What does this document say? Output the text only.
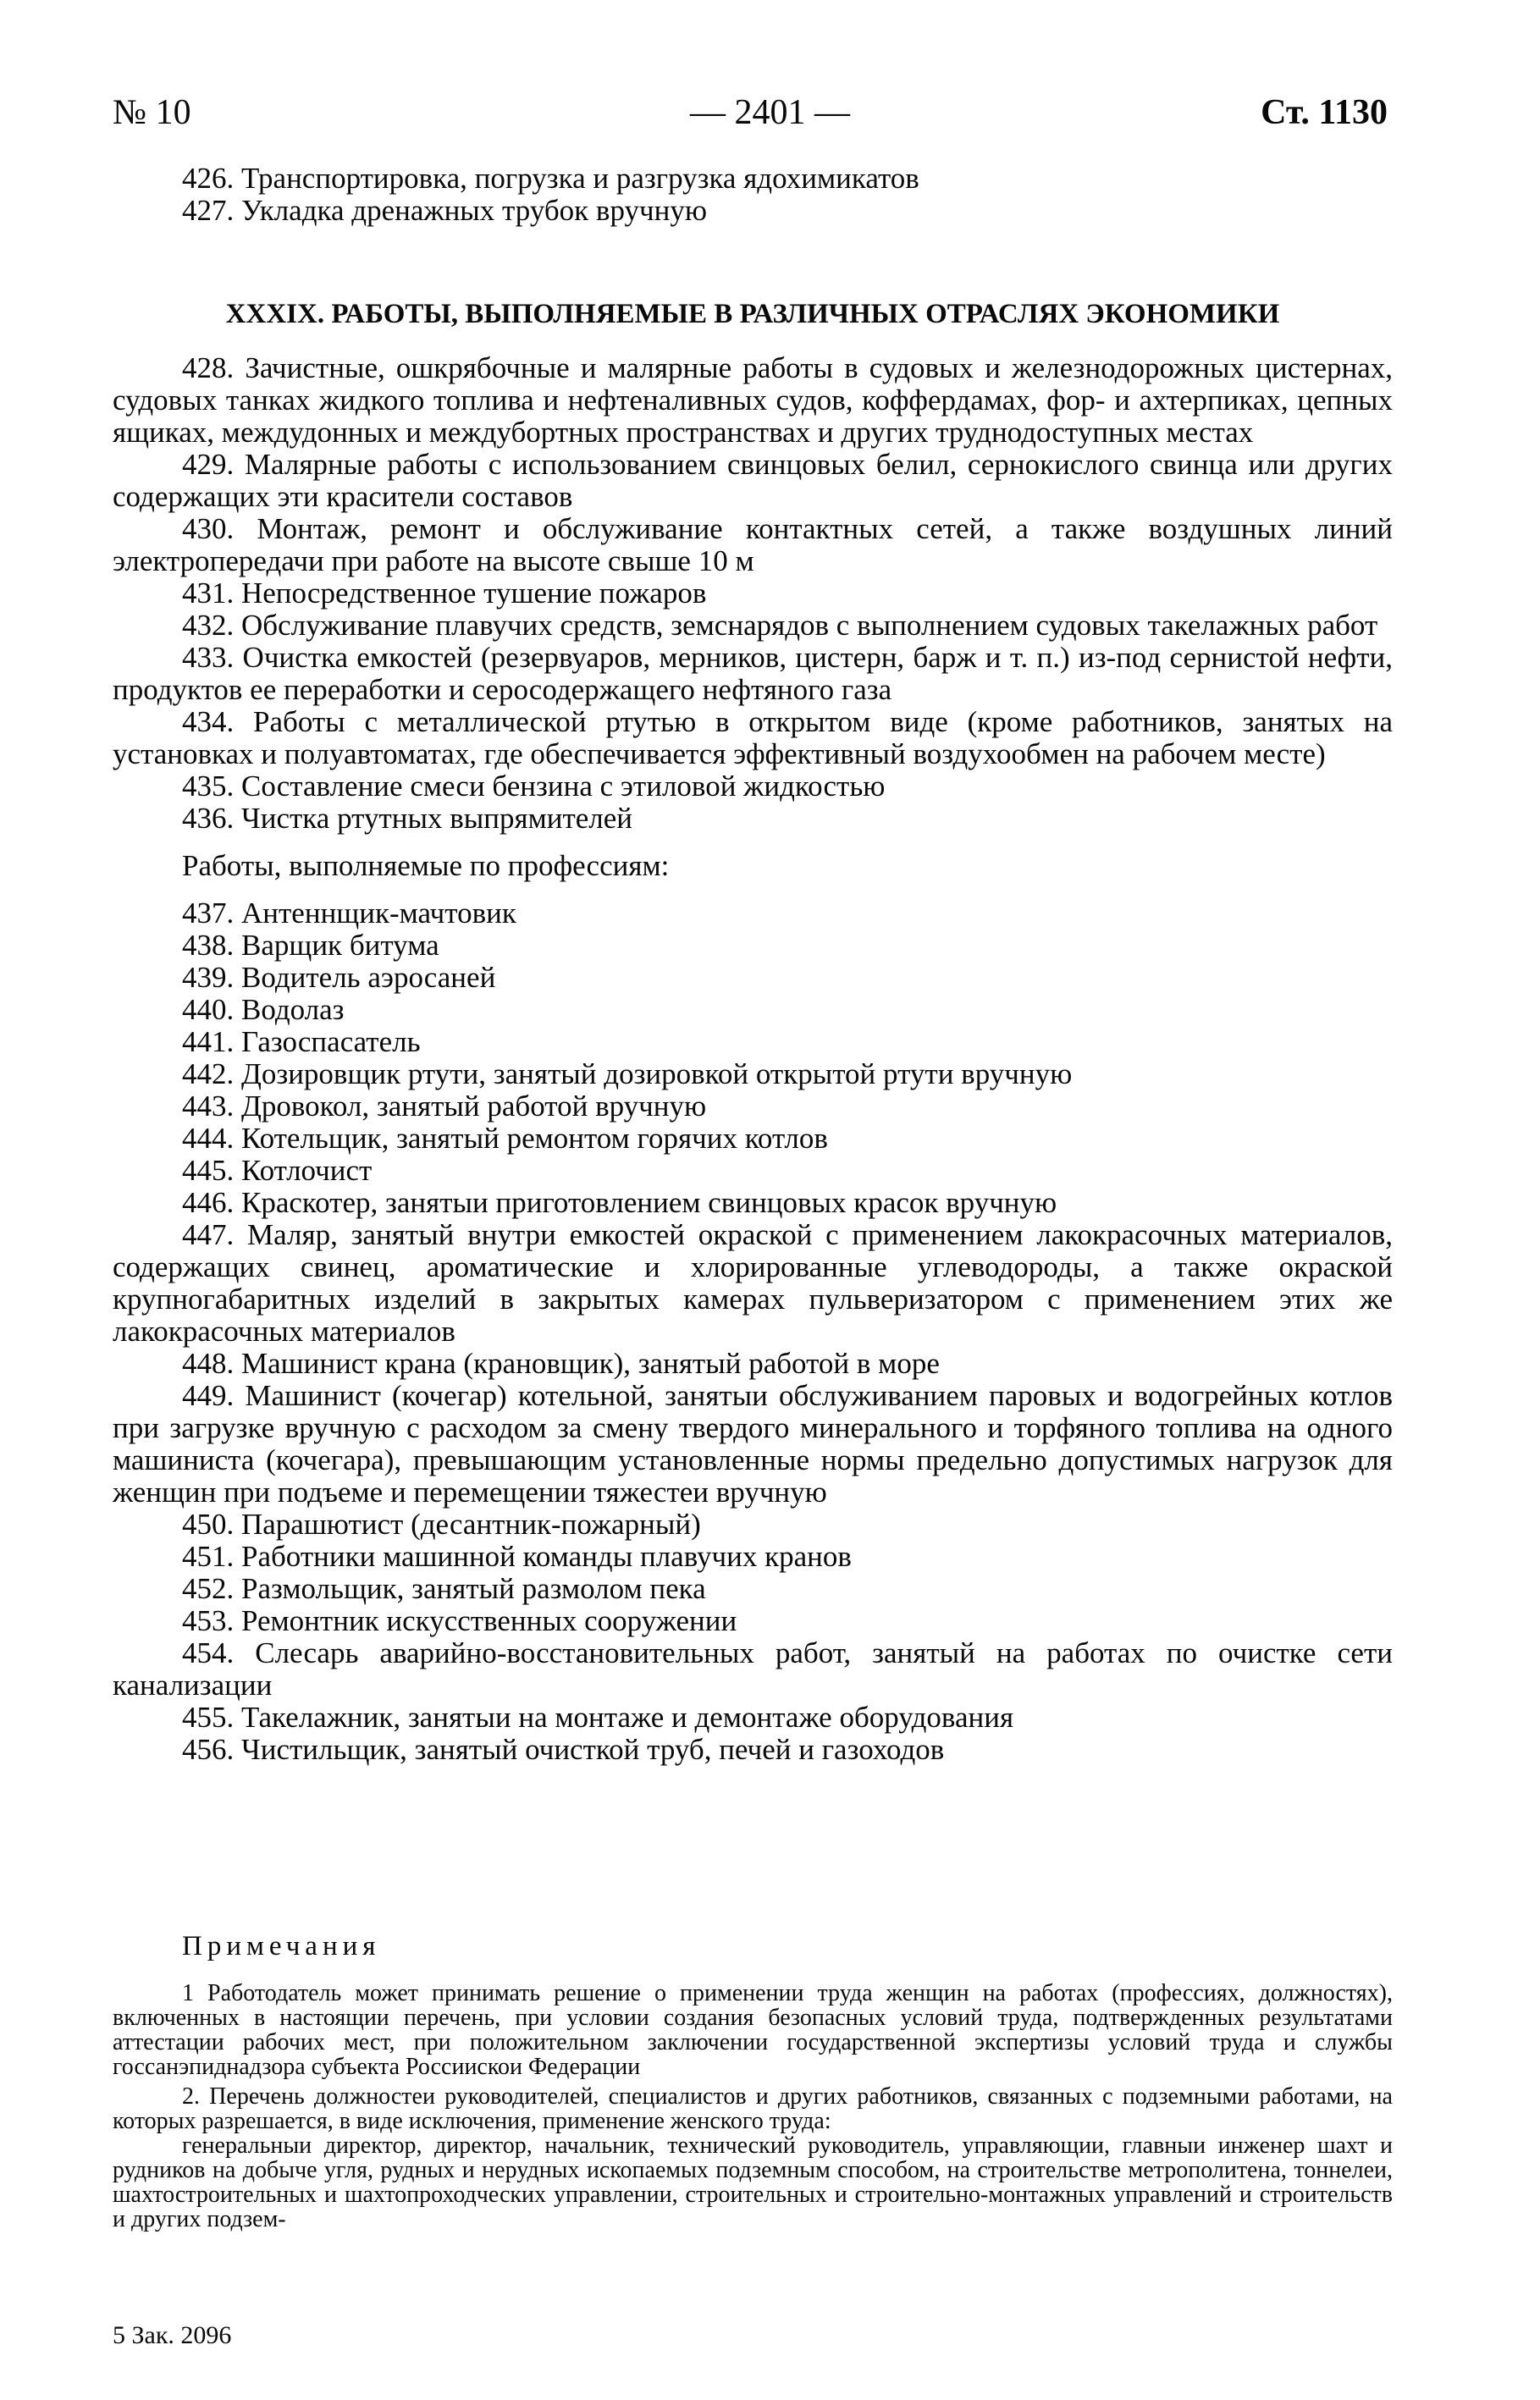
№ 10	— 2401 —	Ст. 1130

426. Транспортировка, погрузка и разгрузка ядохимикатов

427. Укладка дренажных трубок вручную

XXXIX. РАБОТЫ, ВЫПОЛНЯЕМЫЕ В РАЗЛИЧНЫХ ОТРАСЛЯХ ЭКОНОМИКИ

428. Зачистные, ошкрябочные и малярные работы в судовых и железнодорожных цистернах, судовых танках жидкого топлива и нефтеналивных судов, коффердамах, фор- и ахтерпиках, цепных ящиках, междудонных и междубортных пространствах и других труднодоступных местах

429. Малярные работы с использованием свинцовых белил, сернокислого свинца или других содержащих эти красители составов

430. Монтаж, ремонт и обслуживание контактных сетей, а также воздушных линий электропередачи при работе на высоте свыше 10 м

431. Непосредственное тушение пожаров

432. Обслуживание плавучих средств, земснарядов с выполнением судовых такелажных работ

433. Очистка емкостей (резервуаров, мерников, цистерн, барж и т. п.) из-под сернистой нефти, продуктов ее переработки и серосодержащего нефтяного газа

434. Работы с металлической ртутью в открытом виде (кроме работников, занятых на установках и полуавтоматах, где обеспечивается эффективный воздухообмен на рабочем месте)

435. Составление смеси бензина с этиловой жидкостью

436. Чистка ртутных выпрямителей

Работы, выполняемые по профессиям:

437. Антеннщик-мачтовик

438. Варщик битума

439. Водитель аэросаней

440. Водолаз

441. Газоспасатель

442. Дозировщик ртути, занятый дозировкой открытой ртути вручную

443. Дровокол, занятый работой вручную

444. Котельщик, занятый ремонтом горячих котлов

445. Котлочист

446. Краскотер, занятыи приготовлением свинцовых красок вручную

447. Маляр, занятый внутри емкостей окраской с применением лакокрасочных материалов, содержащих свинец, ароматические и хлорированные углеводороды, а также окраской крупногабаритных изделий в закрытых камерах пульверизатором с применением этих же лакокрасочных материалов

448. Машинист крана (крановщик), занятый работой в море

449. Машинист (кочегар) котельной, занятыи обслуживанием паровых и водогрейных котлов при загрузке вручную с расходом за смену твердого минерального и торфяного топлива на одного машиниста (кочегара), превышающим установленные нормы предельно допустимых нагрузок для женщин при подъеме и перемещении тяжестеи вручную

450. Парашютист (десантник-пожарный)

451. Работники машинной команды плавучих кранов

452. Размольщик, занятый размолом пека

453. Ремонтник искусственных сооружении

454. Слесарь аварийно-восстановительных работ, занятый на работах по очистке сети канализации

455. Такелажник, занятыи на монтаже и демонтаже оборудования

456. Чистильщик, занятый очисткой труб, печей и газоходов

Примечания

1 Работодатель может принимать решение о применении труда женщин на работах (професcиях, должностях), включенных в настоящии перечень, при условии создания безопасных условий труда, подтвержденных результатами аттестации рабочих мест, при положительном заключении государственной экспертизы условий труда и службы госсанэпиднадзора субъекта Россиискои Федерации

2. Перечень должностеи руководителей, специалистов и других работников, связанных с подземными работами, на которых разрешается, в виде исключения, применение женского труда:

генеральныи директор, директор, начальник, технический руководитель, управляющии, главныи инженер шахт и рудников на добыче угля, рудных и нерудных ископаемых подземным способом, на строительстве метрополитена, тоннелеи, шахтостроительных и шахтопроходческих управлении, строительных и строительно-монтажных управлений и строительств и других подзем-

5 Зак. 2096
